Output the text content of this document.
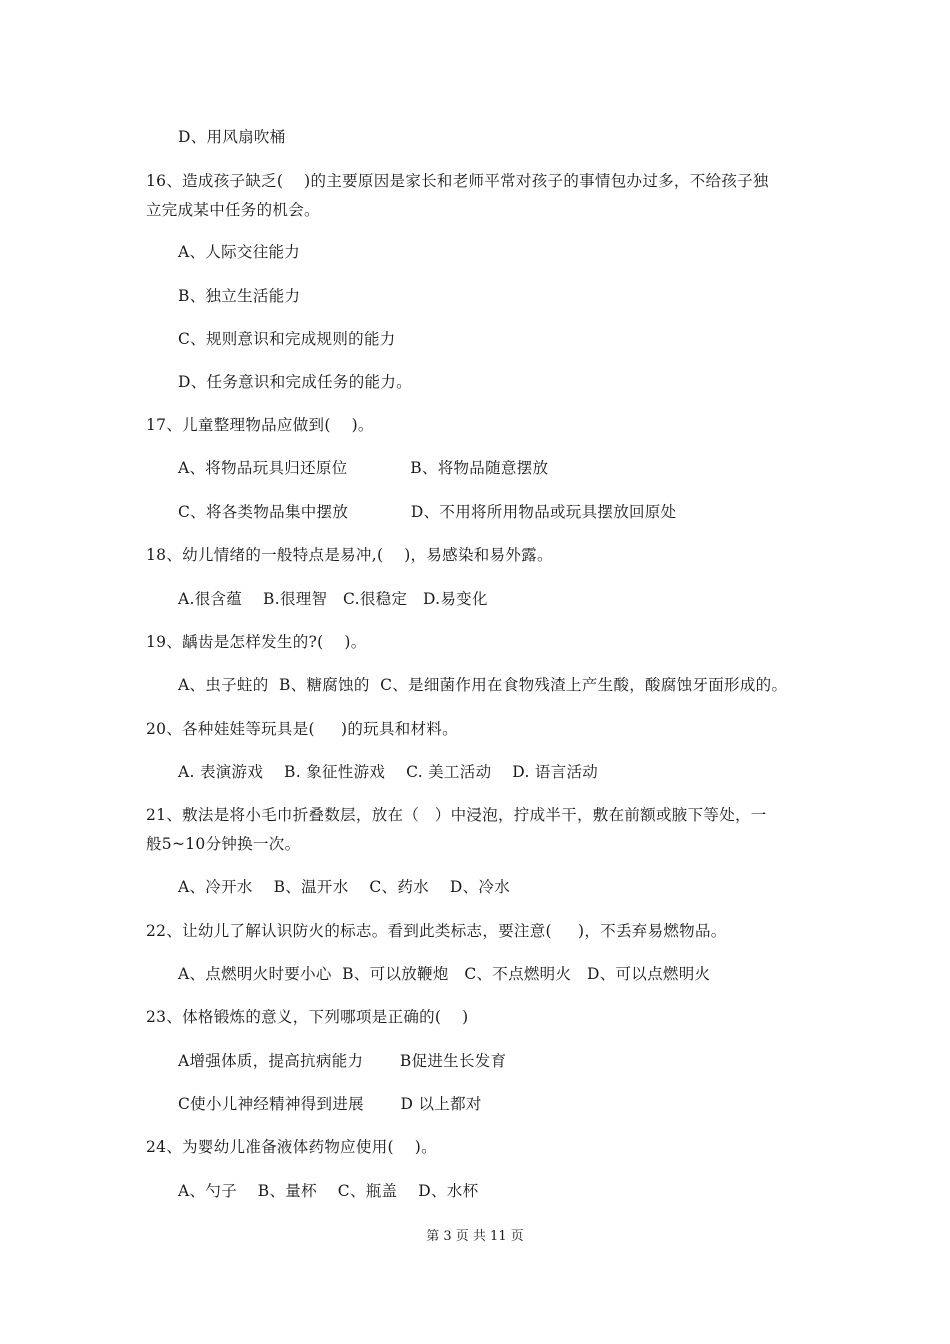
D、用风扇吹桶
16、造成孩子缺乏(    )的主要原因是家长和老师平常对孩子的事情包办过多，不给孩子独
立完成某中任务的机会。
A、人际交往能力
B、独立生活能力
C、规则意识和完成规则的能力
D、任务意识和完成任务的能力。
17、儿童整理物品应做到(    )。
A、将物品玩具归还原位            B、将物品随意摆放
C、将各类物品集中摆放            D、不用将所用物品或玩具摆放回原处
18、幼儿情绪的一般特点是易冲,(    )，易感染和易外露。
A.很含蕴    B.很理智   C.很稳定   D.易变化
19、龋齿是怎样发生的?(    )。
A、虫子蛀的  B、糖腐蚀的  C、是细菌作用在食物残渣上产生酸，酸腐蚀牙面形成的。
20、各种娃娃等玩具是(     )的玩具和材料。
A. 表演游戏    B. 象征性游戏    C. 美工活动    D. 语言活动
21、敷法是将小毛巾折叠数层，放在（   ）中浸泡，拧成半干，敷在前额或腋下等处，一
般5~10分钟换一次。
A、冷开水    B、温开水    C、药水    D、冷水
22、让幼儿了解认识防火的标志。看到此类标志，要注意(     )，不丢弃易燃物品。
A、点燃明火时要小心  B、可以放鞭炮   C、不点燃明火   D、可以点燃明火
23、体格锻炼的意义，下列哪项是正确的(    )
A增强体质，提高抗病能力       B促进生长发育
C使小儿神经精神得到进展       D 以上都对
24、为婴幼儿准备液体药物应使用(    )。
A、勺子    B、量杯    C、瓶盖    D、水杯
第 3 页 共 11 页
